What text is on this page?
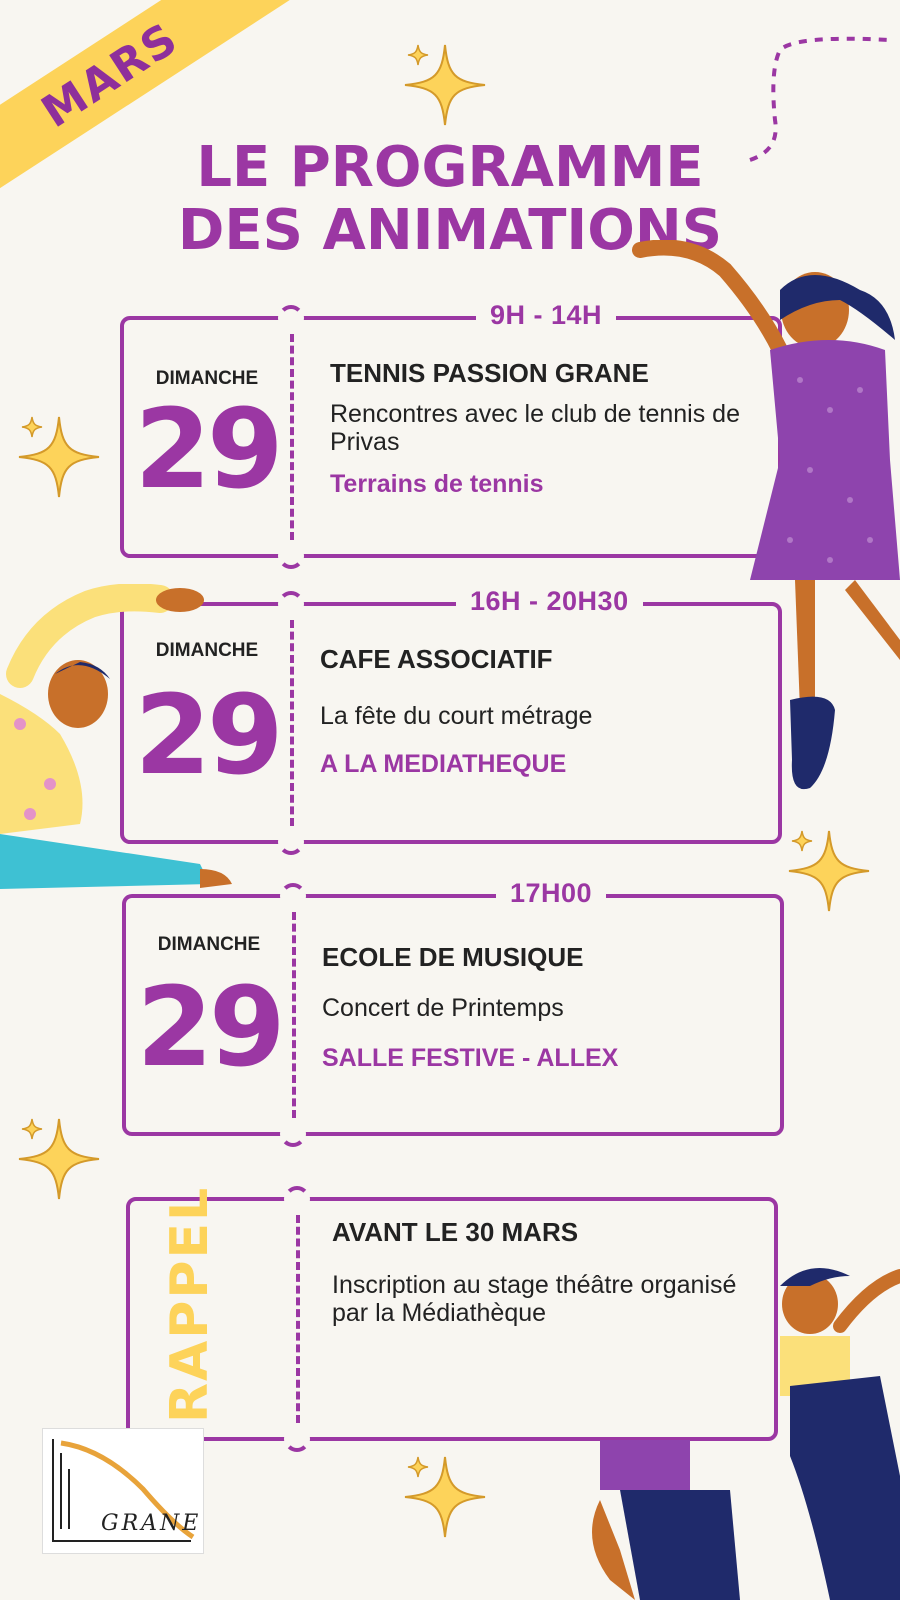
MARS
LE PROGRAMME
DES ANIMATIONS
9H - 14H
DIMANCHE
29
TENNIS PASSION GRANE
Rencontres avec le club de tennis de Privas
Terrains de tennis
16H - 20H30
DIMANCHE
29
CAFE ASSOCIATIF
La fête du court métrage
A LA MEDIATHEQUE
17H00
DIMANCHE
29
ECOLE DE MUSIQUE
Concert de Printemps
SALLE FESTIVE - ALLEX
RAPPEL	AVANT LE 30 MARS
Inscription au stage théâtre organisé par la Médiathèque
GRANE
